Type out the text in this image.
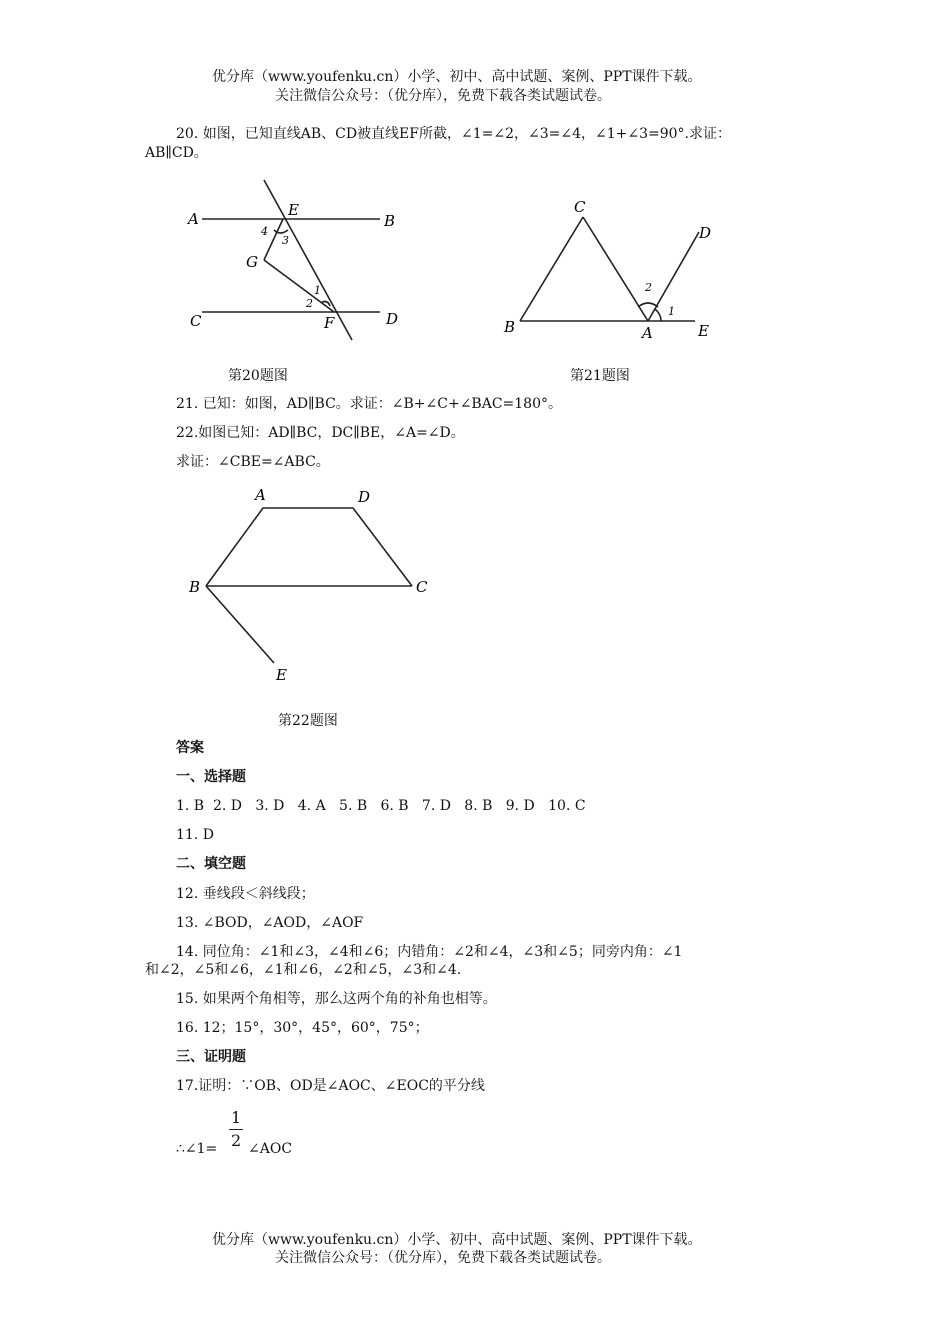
优分库（www.youfenku.cn）小学、初中、高中试题、案例、PPT课件下载。
关注微信公众号：（优分库），免费下载各类试题试卷。
20. 如图，已知直线AB、CD被直线EF所截，∠1=∠2，∠3=∠4，∠1+∠3=90°.求证：
AB∥CD。
A	E
B
4
3
G
1
2
C	F	D
C
D
2
1
B	A	E
第20题图	第21题图
21. 已知：如图，AD∥BC。求证：∠B+∠C+∠BAC=180°。
22.如图已知：AD∥BC，DC∥BE，∠A=∠D。
求证：∠CBE=∠ABC。
A	D
B	C
E
第22题图
答案
一、选择题
1. B  2. D   3. D   4. A   5. B   6. B   7. D   8. B   9. D   10. C
11. D
二、填空题
12. 垂线段＜斜线段；
13. ∠BOD，∠AOD，∠AOF
14. 同位角：∠1和∠3，∠4和∠6；内错角：∠2和∠4，∠3和∠5；同旁内角：∠1
和∠2，∠5和∠6，∠1和∠6，∠2和∠5，∠3和∠4.
15. 如果两个角相等，那么这两个角的补角也相等。
16. 12；15°，30°，45°，60°，75°；
三、证明题
17.证明：∵OB、OD是∠AOC、∠EOC的平分线
1
2
∴∠1= ∠AOC
优分库（www.youfenku.cn）小学、初中、高中试题、案例、PPT课件下载。
关注微信公众号：（优分库），免费下载各类试题试卷。
